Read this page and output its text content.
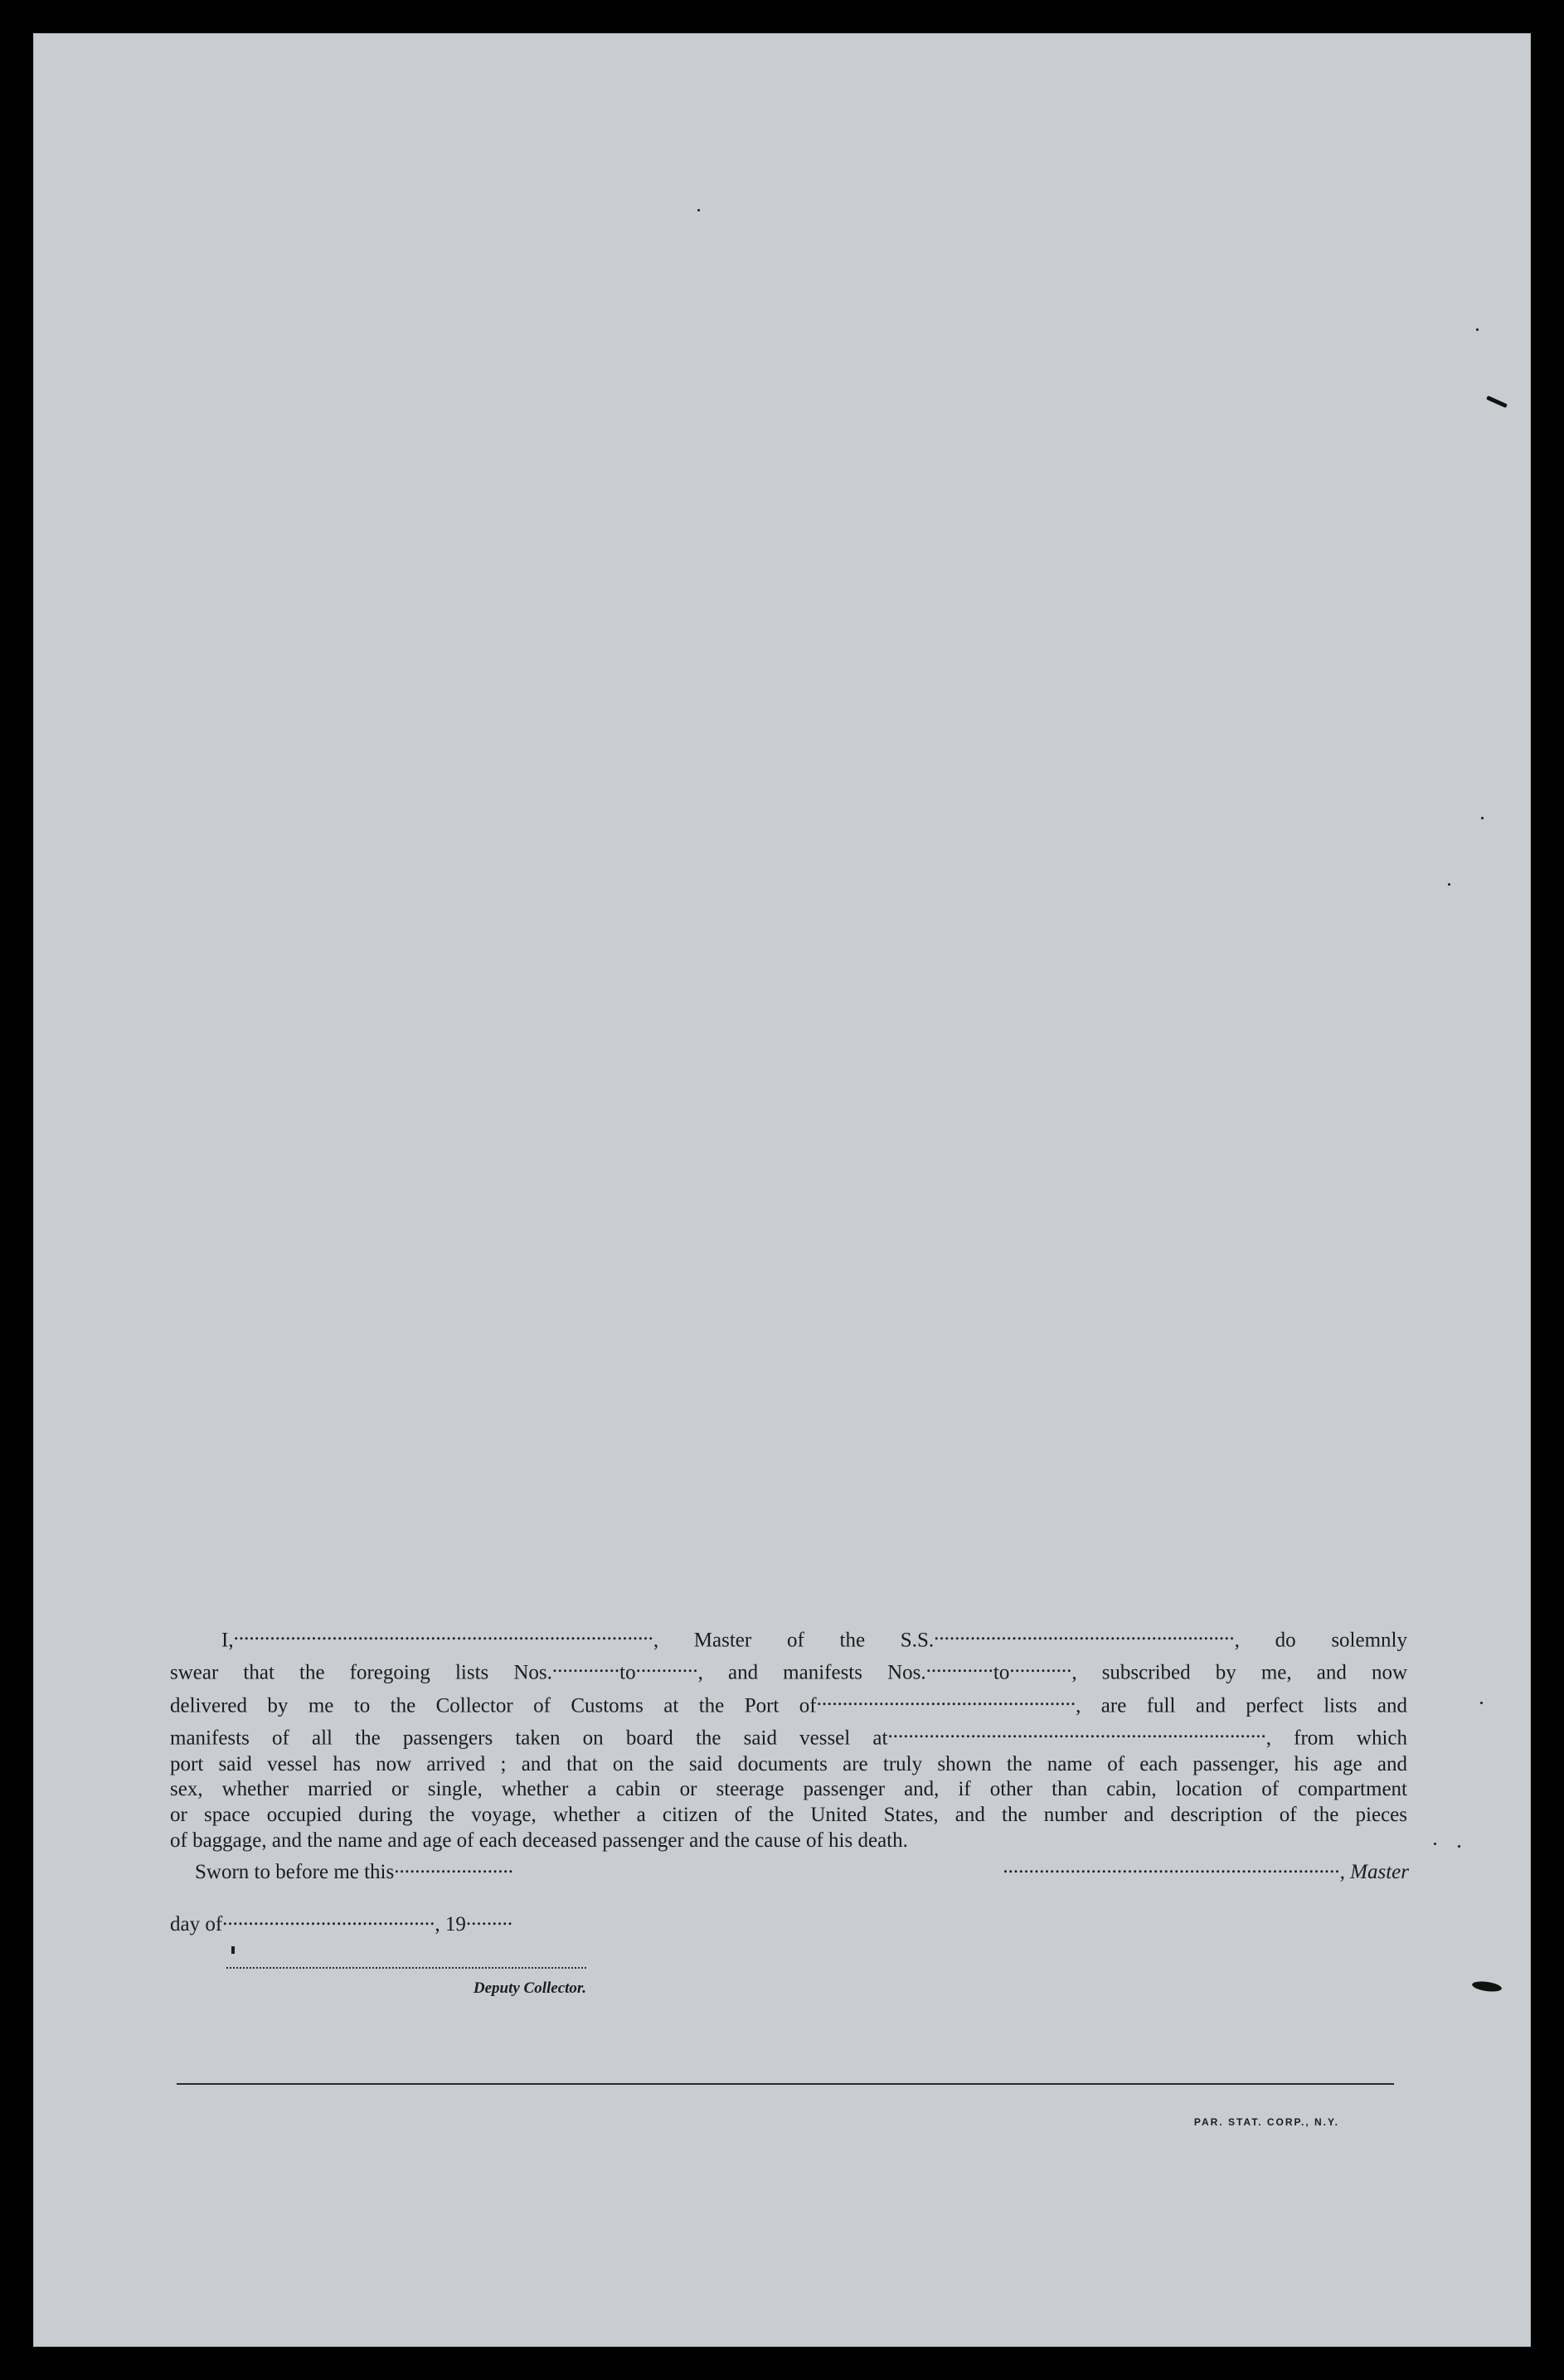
I,................................................................................., Master of the S.S..........................................................., do solemnly
swear that the foregoing lists Nos..............to............, and manifests Nos..............to............, subscribed by me, and now
delivered by me to the Collector of Customs at the Port of.................................................., are full and perfect lists and
manifests of all the passengers taken on board the said vessel at........................................................................., from which
port said vessel has now arrived ; and that on the said documents are truly shown the name of each passenger, his age and
sex, whether married or single, whether a cabin or steerage passenger and, if other than cabin, location of compartment
or space occupied during the voyage, whether a citizen of the United States, and the number and description of the pieces
of baggage, and the name and age of each deceased passenger and the cause of his death.
Sworn to before me this.......................	................................................................., Master
day of........................................., 19.........
Deputy Collector.
PAR. STAT. CORP., N.Y.
